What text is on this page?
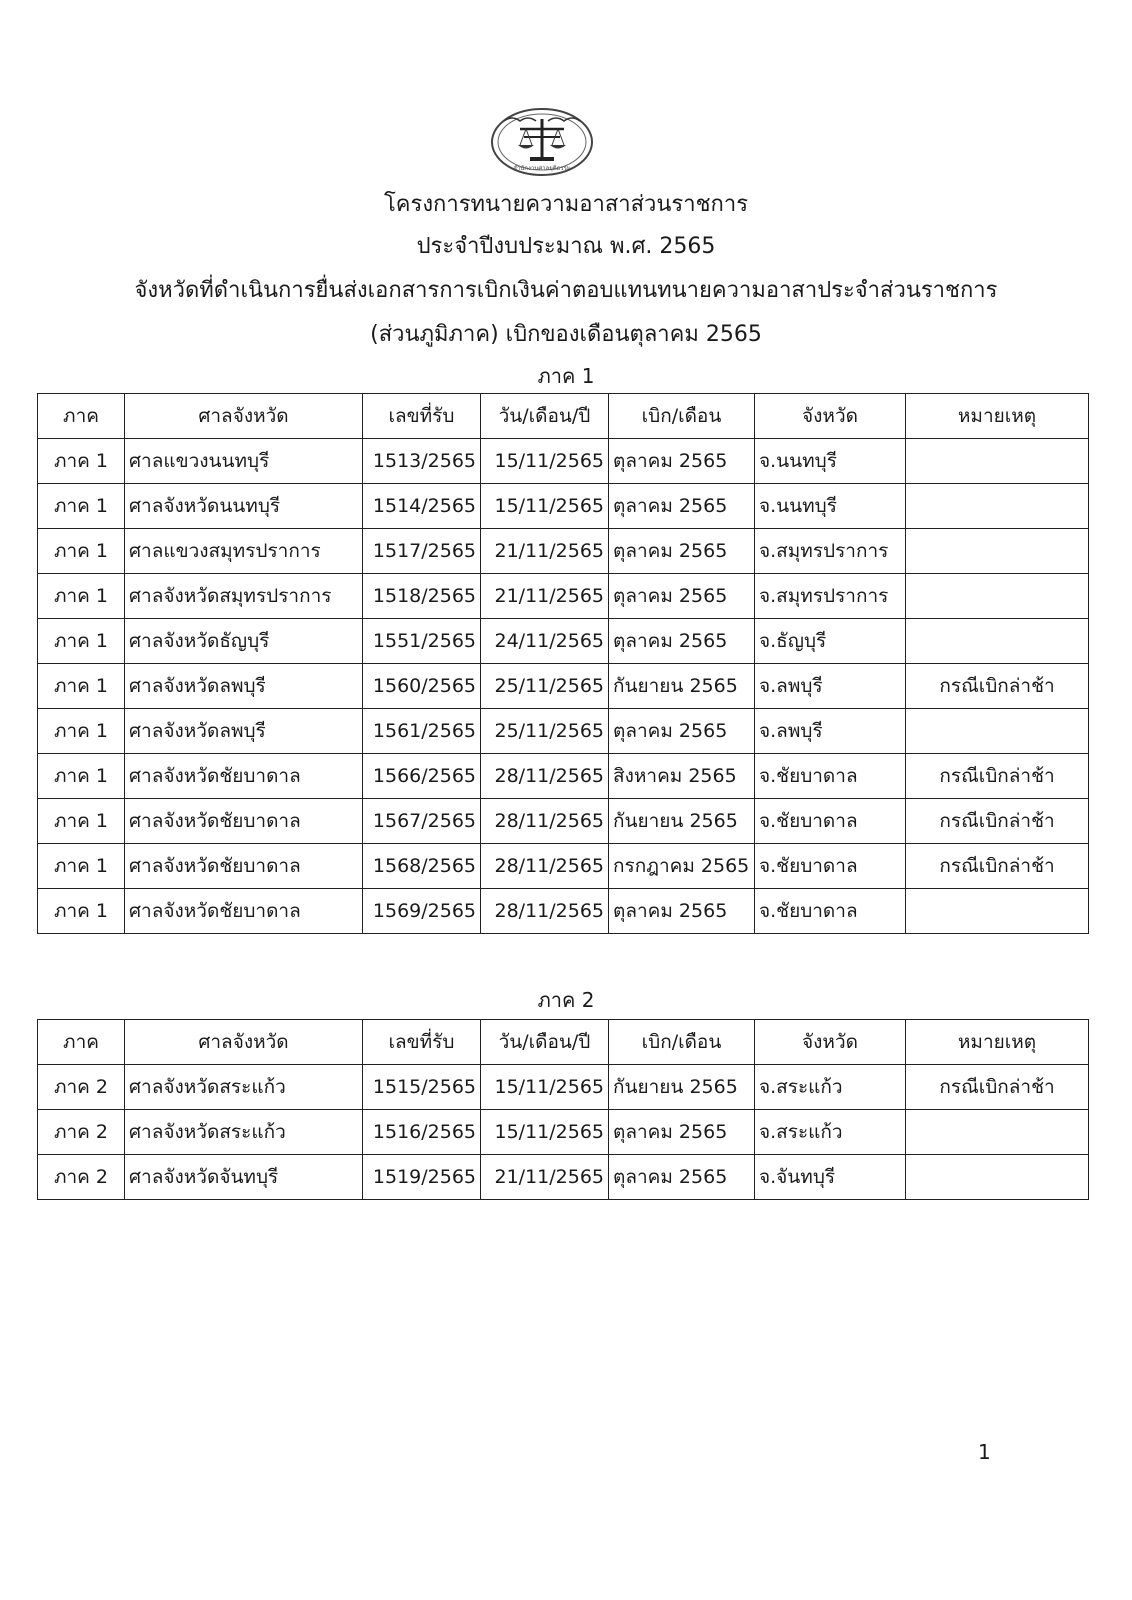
สำนักงานศาลยุติธรรม
โครงการทนายความอาสาส่วนราชการ
ประจำปีงบประมาณ พ.ศ. 2565
จังหวัดที่ดำเนินการยื่นส่งเอกสารการเบิกเงินค่าตอบแทนทนายความอาสาประจำส่วนราชการ
(ส่วนภูมิภาค) เบิกของเดือนตุลาคม 2565
ภาค 1
ภาค	ศาลจังหวัด	เลขที่รับ	วัน/เดือน/ปี	เบิก/เดือน	จังหวัด	หมายเหตุ
ภาค 1	ศาลแขวงนนทบุรี	1513/2565	15/11/2565	ตุลาคม 2565	จ.นนทบุรี	
ภาค 1	ศาลจังหวัดนนทบุรี	1514/2565	15/11/2565	ตุลาคม 2565	จ.นนทบุรี	
ภาค 1	ศาลแขวงสมุทรปราการ	1517/2565	21/11/2565	ตุลาคม 2565	จ.สมุทรปราการ	
ภาค 1	ศาลจังหวัดสมุทรปราการ	1518/2565	21/11/2565	ตุลาคม 2565	จ.สมุทรปราการ	
ภาค 1	ศาลจังหวัดธัญบุรี	1551/2565	24/11/2565	ตุลาคม 2565	จ.ธัญบุรี	
ภาค 1	ศาลจังหวัดลพบุรี	1560/2565	25/11/2565	กันยายน 2565	จ.ลพบุรี	กรณีเบิกล่าช้า
ภาค 1	ศาลจังหวัดลพบุรี	1561/2565	25/11/2565	ตุลาคม 2565	จ.ลพบุรี	
ภาค 1	ศาลจังหวัดชัยบาดาล	1566/2565	28/11/2565	สิงหาคม 2565	จ.ชัยบาดาล	กรณีเบิกล่าช้า
ภาค 1	ศาลจังหวัดชัยบาดาล	1567/2565	28/11/2565	กันยายน 2565	จ.ชัยบาดาล	กรณีเบิกล่าช้า
ภาค 1	ศาลจังหวัดชัยบาดาล	1568/2565	28/11/2565	กรกฎาคม 2565	จ.ชัยบาดาล	กรณีเบิกล่าช้า
ภาค 1	ศาลจังหวัดชัยบาดาล	1569/2565	28/11/2565	ตุลาคม 2565	จ.ชัยบาดาล	
ภาค 2
ภาค	ศาลจังหวัด	เลขที่รับ	วัน/เดือน/ปี	เบิก/เดือน	จังหวัด	หมายเหตุ
ภาค 2	ศาลจังหวัดสระแก้ว	1515/2565	15/11/2565	กันยายน 2565	จ.สระแก้ว	กรณีเบิกล่าช้า
ภาค 2	ศาลจังหวัดสระแก้ว	1516/2565	15/11/2565	ตุลาคม 2565	จ.สระแก้ว	
ภาค 2	ศาลจังหวัดจันทบุรี	1519/2565	21/11/2565	ตุลาคม 2565	จ.จันทบุรี	
1
